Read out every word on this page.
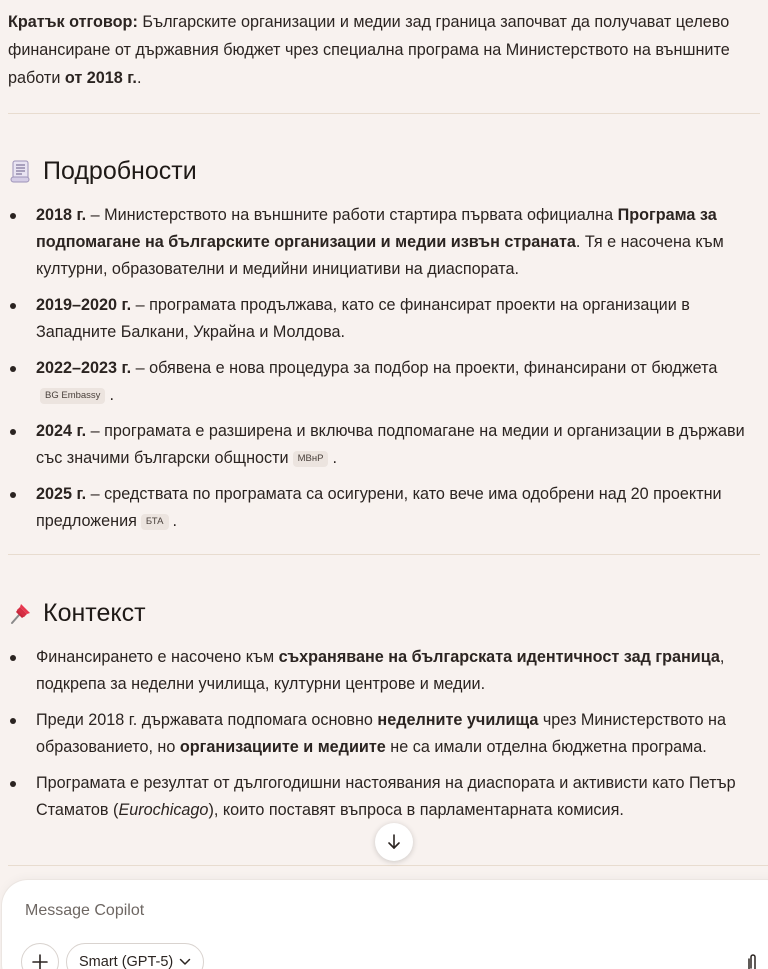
Кратък отговор: Българските организации и медии зад граница започват да получават целево финансиране от държавния бюджет чрез специална програма на Министерството на външните работи от 2018 г..

Подробности
2018 г. – Министерството на външните работи стартира първата официална Програма за подпомагане на българските организации и медии извън страната. Тя е насочена към културни, образователни и медийни инициативи на диаспората.
2019–2020 г. – програмата продължава, като се финансират проекти на организации в Западните Балкани, Украйна и Молдова.
2022–2023 г. – обявена е нова процедура за подбор на проекти, финансирани от бюджета
BG Embassy .
2024 г. – програмата е разширена и включва подпомагане на медии и организации в държави със значими български общности МВнР .
2025 г. – средствата по програмата са осигурени, като вече има одобрени над 20 проектни предложения БТА .
Контекст
Финансирането е насочено към съхраняване на българската идентичност зад граница, подкрепа за неделни училища, културни центрове и медии.
Преди 2018 г. държавата подпомага основно неделните училища чрез Министерството на образованието, но организациите и медиите не са имали отделна бюджетна програма.
Програмата е резултат от дългогодишни настоявания на диаспората и активисти като Петър Стаматов (Eurochicago), които поставят въпроса в парламентарната комисия.
Message Copilot
Smart (GPT-5)
